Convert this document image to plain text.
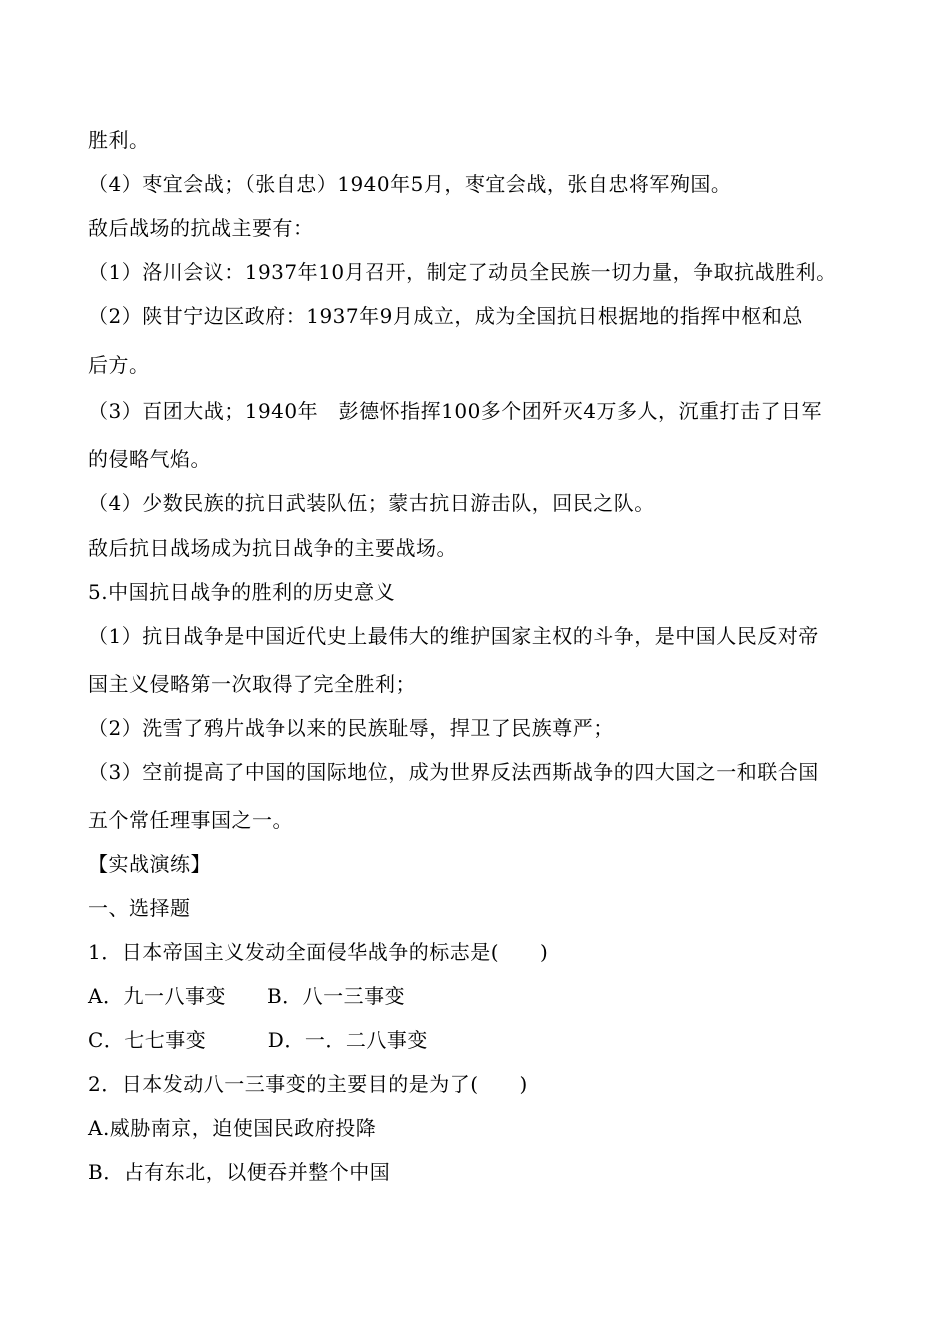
胜利。
（4）枣宜会战；（张自忠）1940年5月，枣宜会战，张自忠将军殉国。
敌后战场的抗战主要有：
（1）洛川会议：1937年10月召开，制定了动员全民族一切力量，争取抗战胜利。
（2）陕甘宁边区政府：1937年9月成立，成为全国抗日根据地的指挥中枢和总
后方。
（3）百团大战；1940年　彭德怀指挥100多个团歼灭4万多人，沉重打击了日军
的侵略气焰。
（4）少数民族的抗日武装队伍；蒙古抗日游击队，回民之队。
敌后抗日战场成为抗日战争的主要战场。
5.中国抗日战争的胜利的历史意义
（1）抗日战争是中国近代史上最伟大的维护国家主权的斗争，是中国人民反对帝
国主义侵略第一次取得了完全胜利；
（2）洗雪了鸦片战争以来的民族耻辱，捍卫了民族尊严；
（3）空前提高了中国的国际地位，成为世界反法西斯战争的四大国之一和联合国
五个常任理事国之一。
【实战演练】
一、选择题
1．日本帝国主义发动全面侵华战争的标志是(　　)
A．九一八事变　　B．八一三事变
C．七七事变　　　D．一．二八事变
2．日本发动八一三事变的主要目的是为了(　　)
A.威胁南京，迫使国民政府投降
B．占有东北，以便吞并整个中国
